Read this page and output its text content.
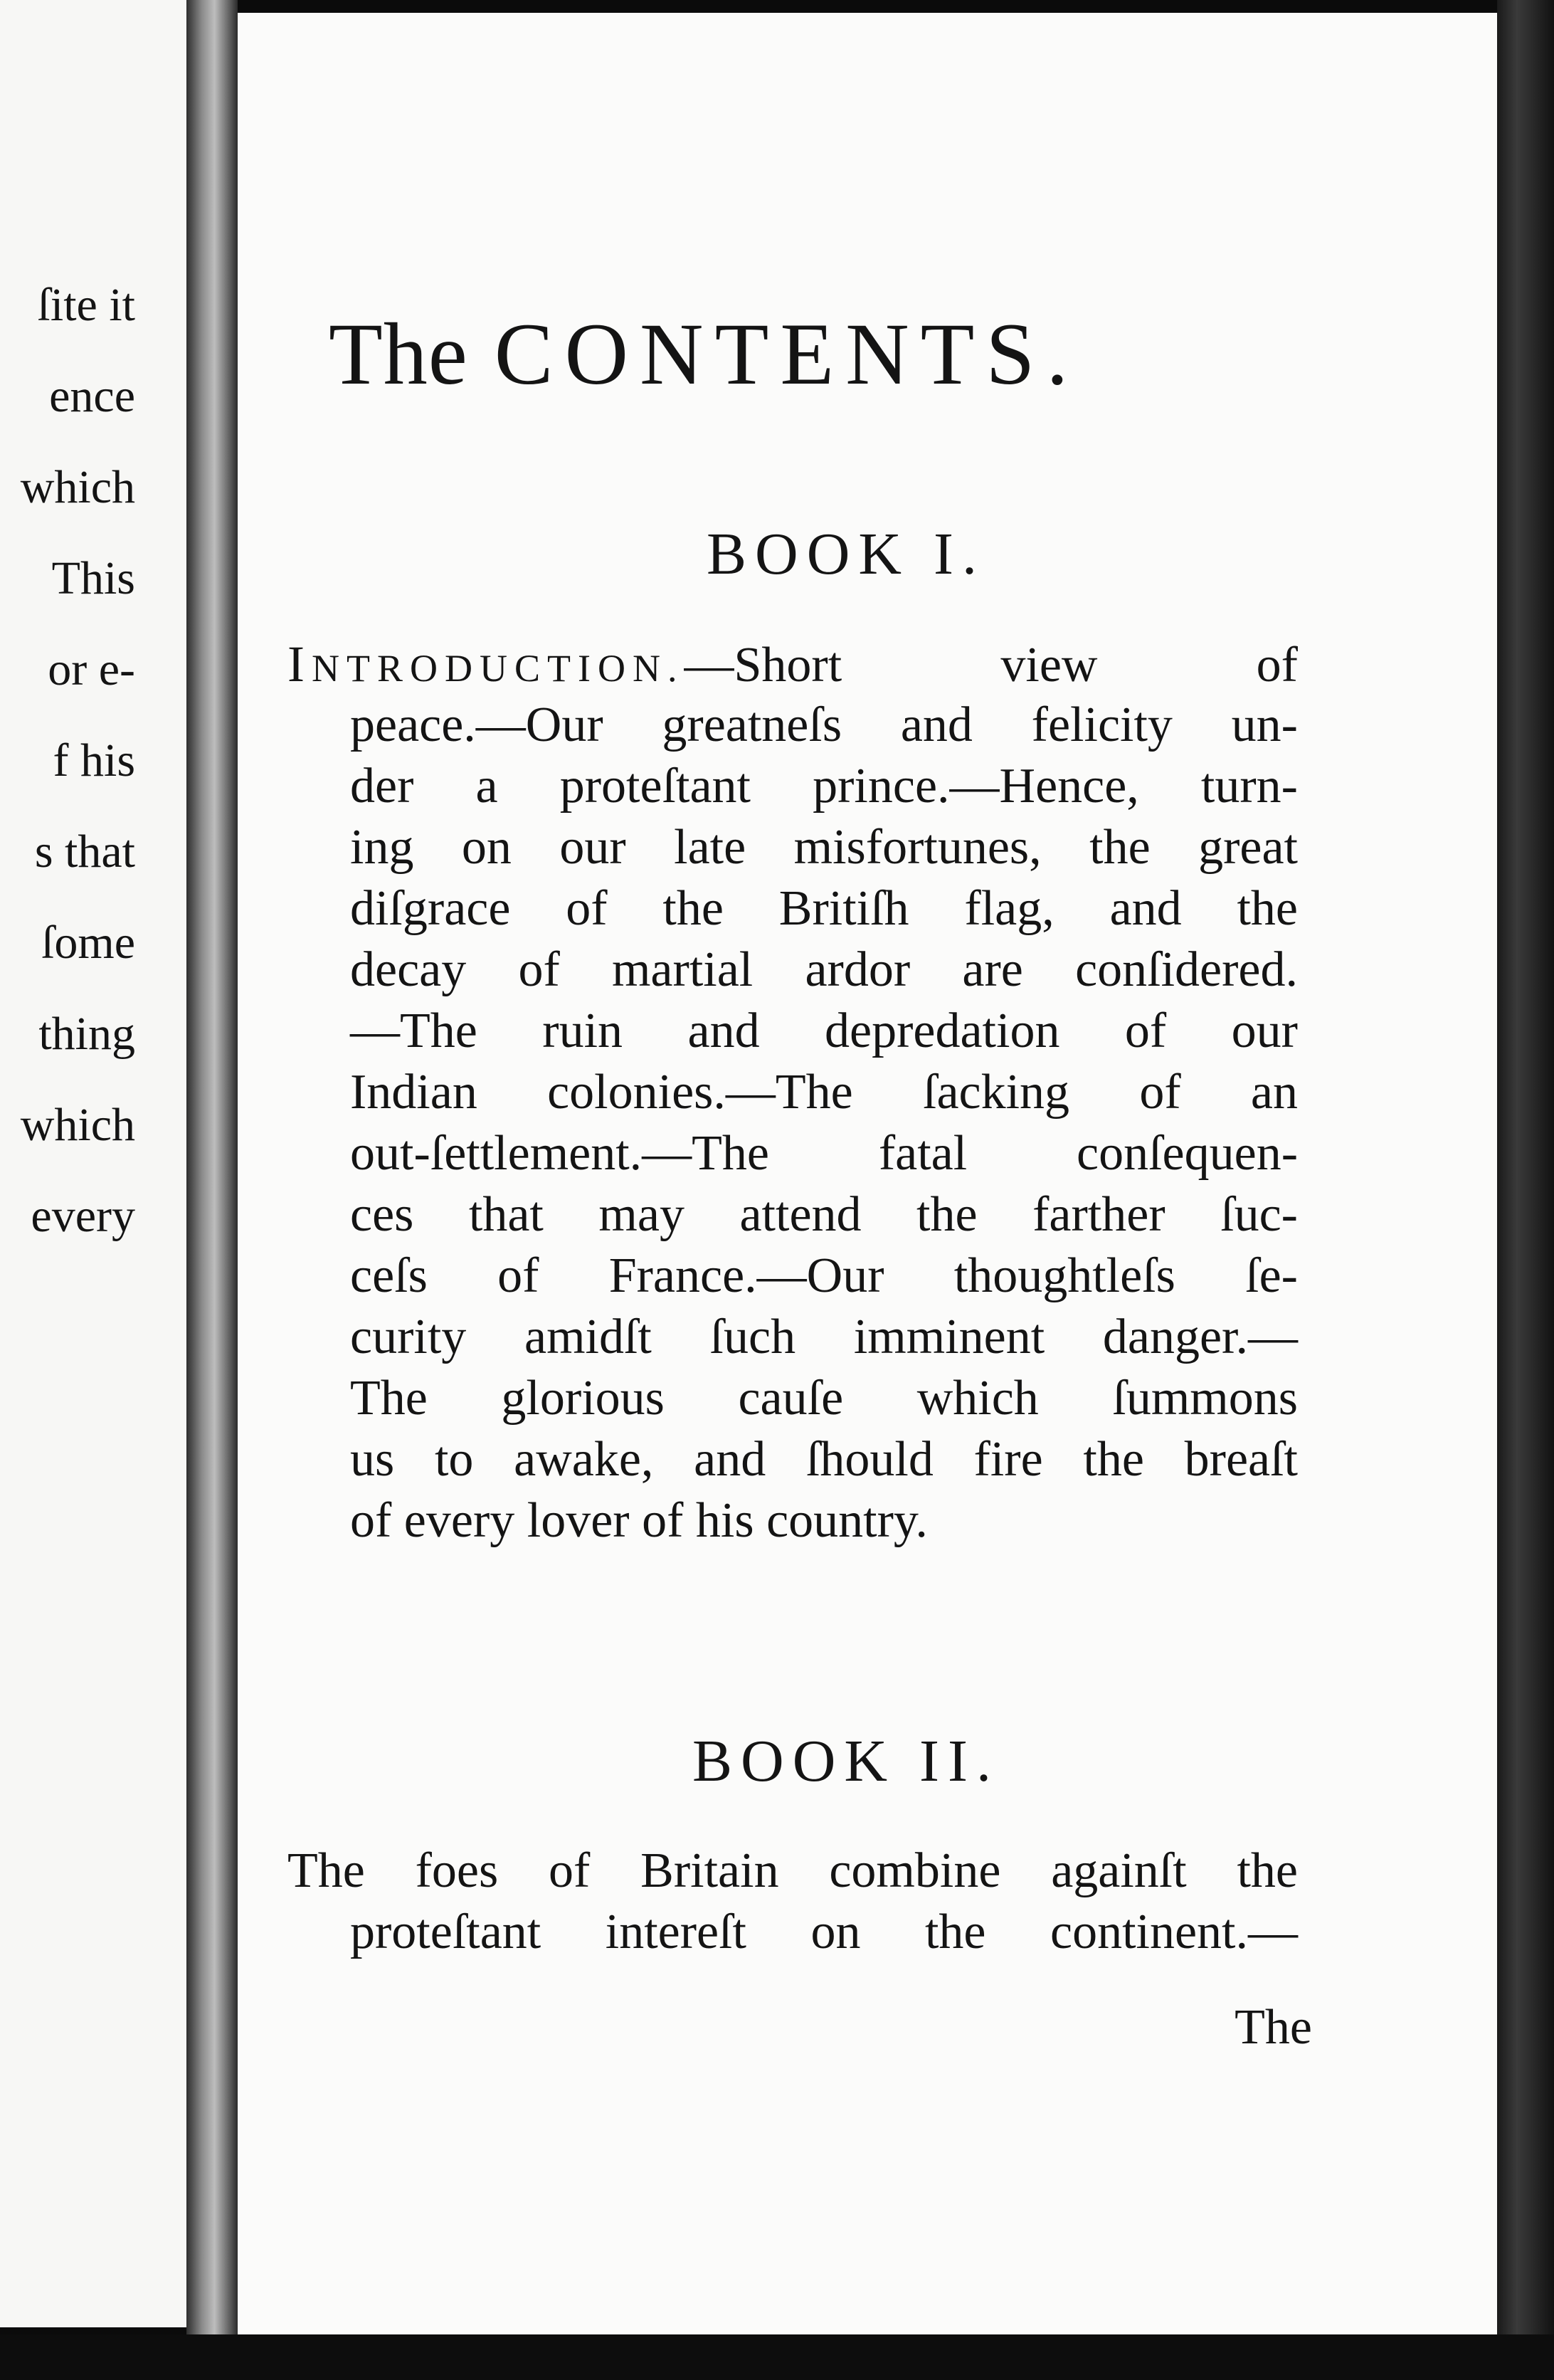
ſite it
ence
which
This
or e-
f his
s that
ſome
thing
which
every
The CONTENTS.
BOOK I.
INTRODUCTION.—Short view of
peace.—Our greatneſs and felicity un-
der a proteſtant prince.—Hence, turn-
ing on our late misfortunes, the great
diſgrace of the Britiſh flag, and the
decay of martial ardor are conſidered.
—The ruin and depredation of our
Indian colonies.—The ſacking of an
out-ſettlement.—The fatal conſequen-
ces that may attend the farther ſuc-
ceſs of France.—Our thoughtleſs ſe-
curity amidſt ſuch imminent danger.—
The glorious cauſe which ſummons
us to awake, and ſhould fire the breaſt
of every lover of his country.
BOOK II.
The foes of Britain combine againſt the
proteſtant intereſt on the continent.—
The
